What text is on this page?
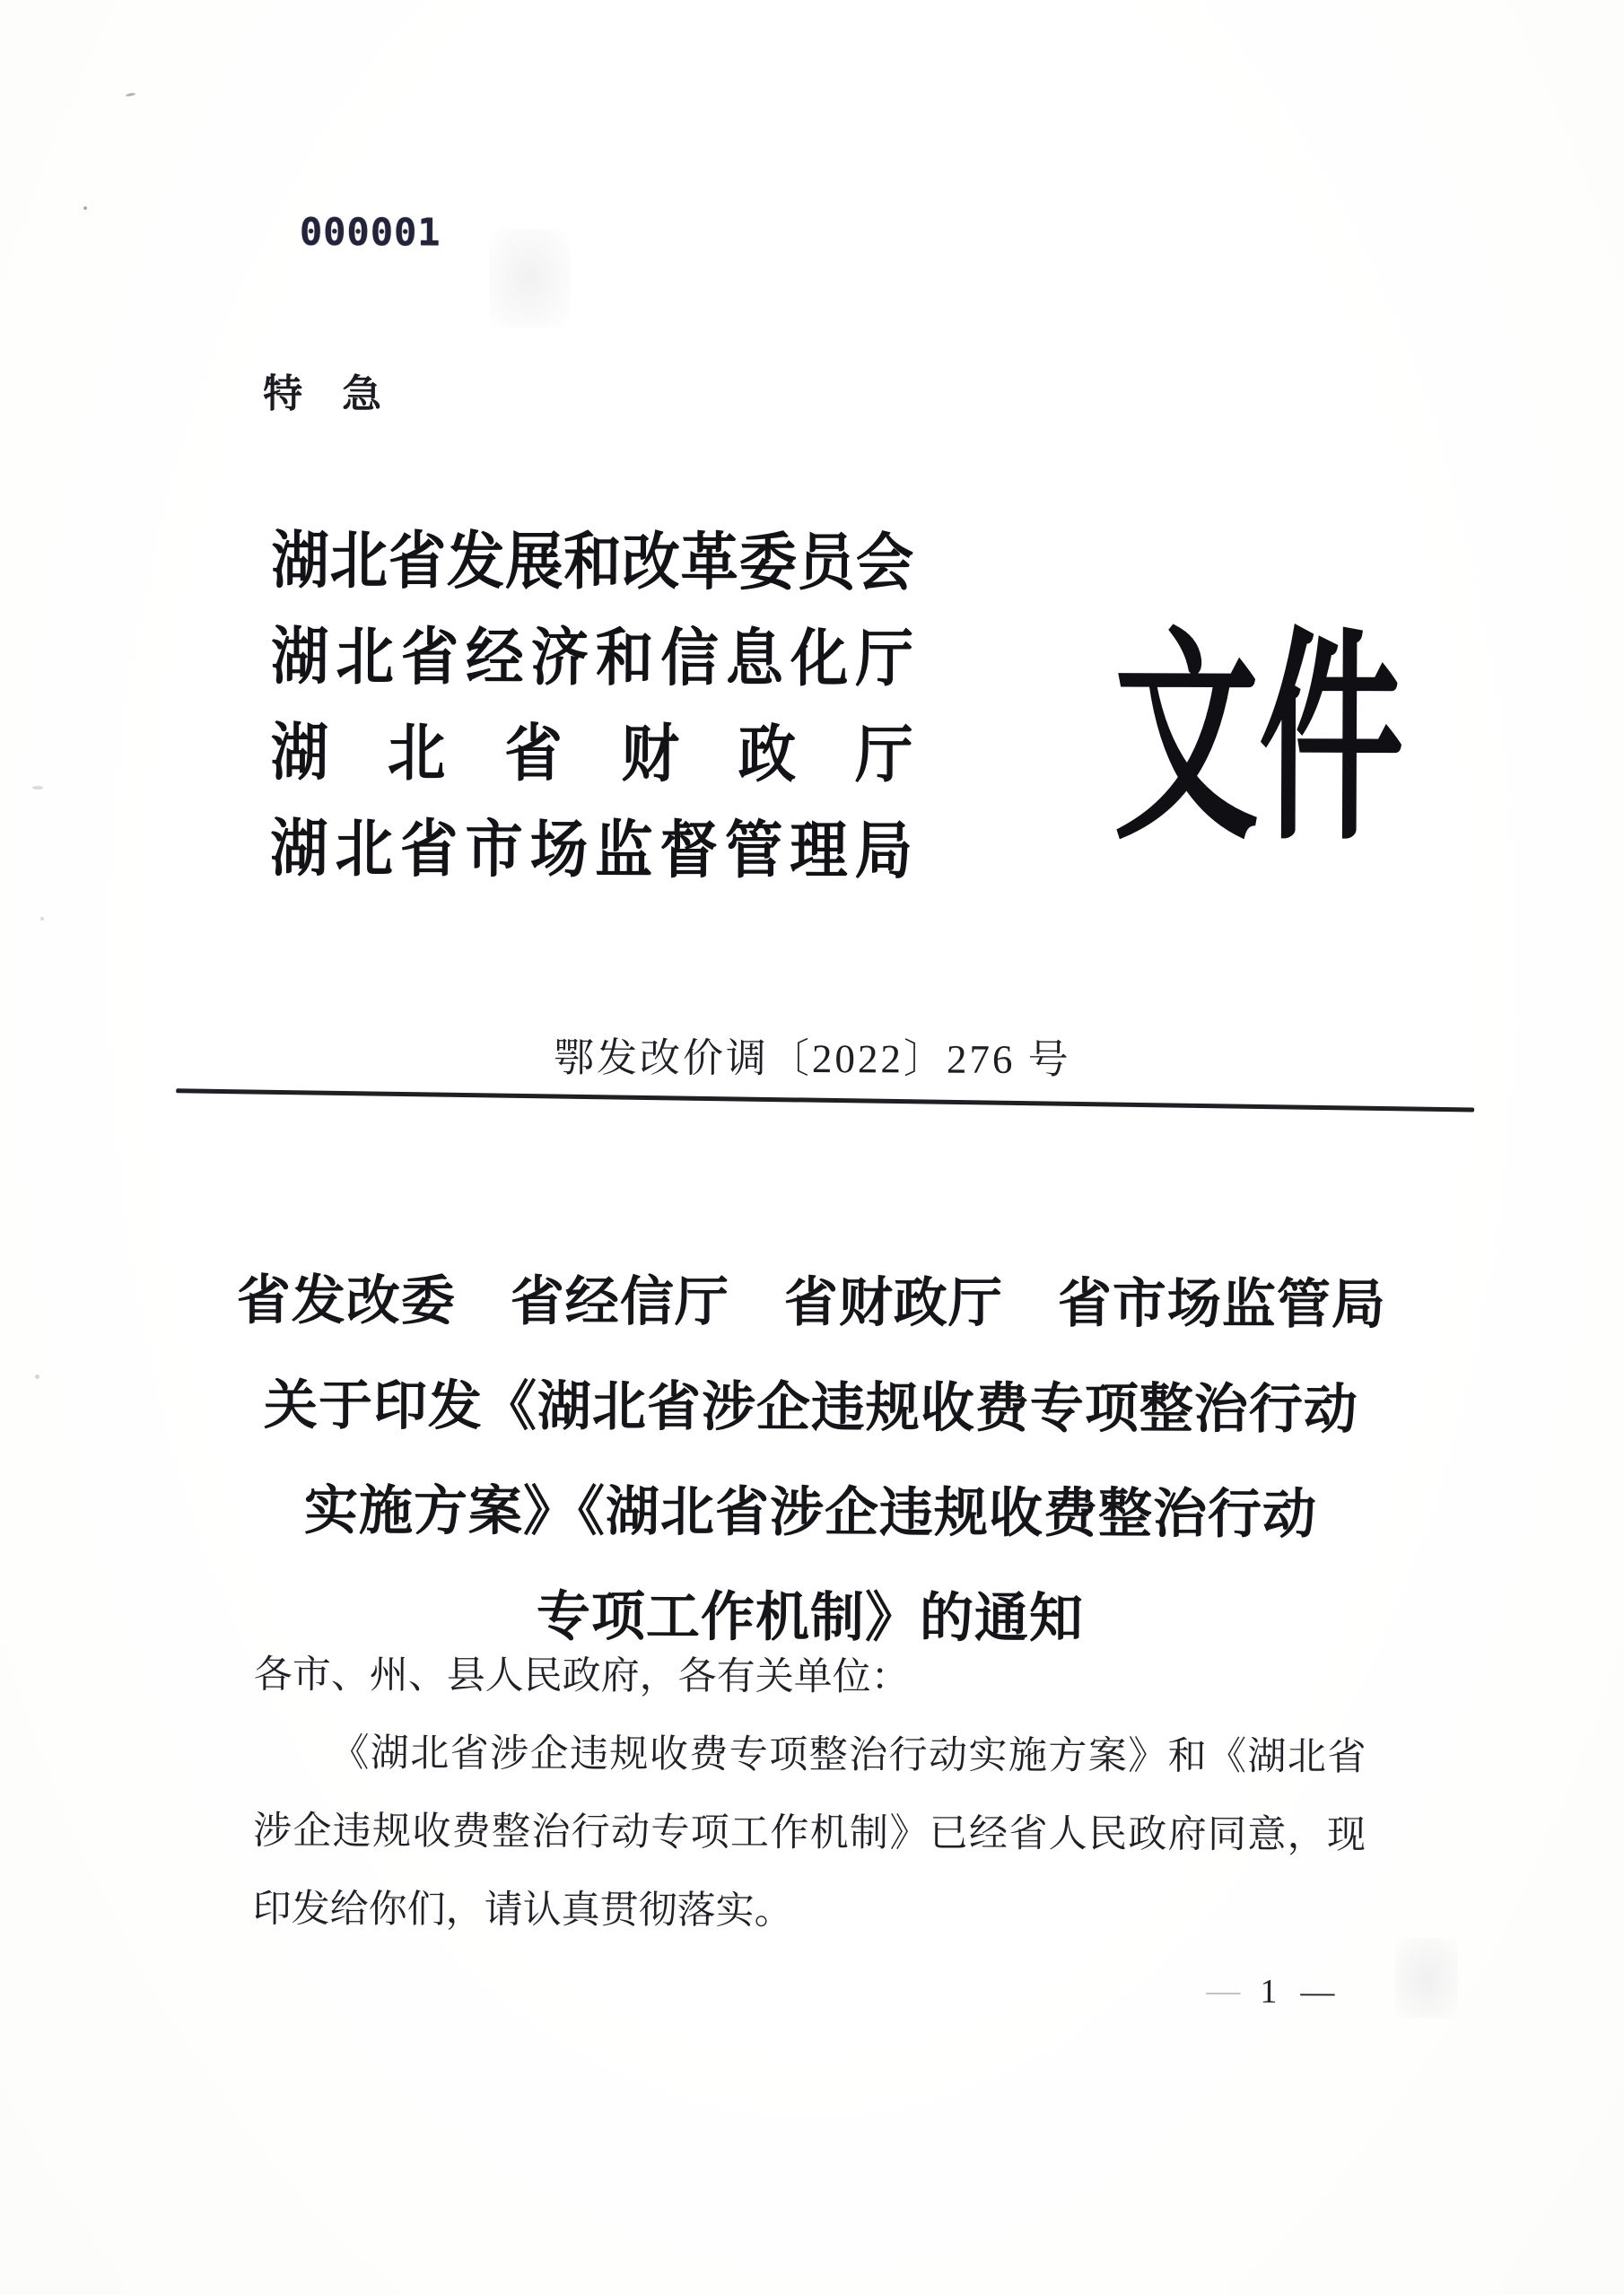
000001
特　急
湖北省发展和改革委员会
湖北省经济和信息化厅
湖北省财政厅
湖北省市场监督管理局 文件
鄂发改价调〔2022〕276 号
省发改委　省经信厅　省财政厅　省市场监管局
关于印发《湖北省涉企违规收费专项整治行动
实施方案》《湖北省涉企违规收费整治行动
专项工作机制》的通知
各市、州、县人民政府，各有关单位：
《湖北省涉企违规收费专项整治行动实施方案》和《湖北省
涉企违规收费整治行动专项工作机制》已经省人民政府同意，现
印发给你们，请认真贯彻落实。
— 1 —
